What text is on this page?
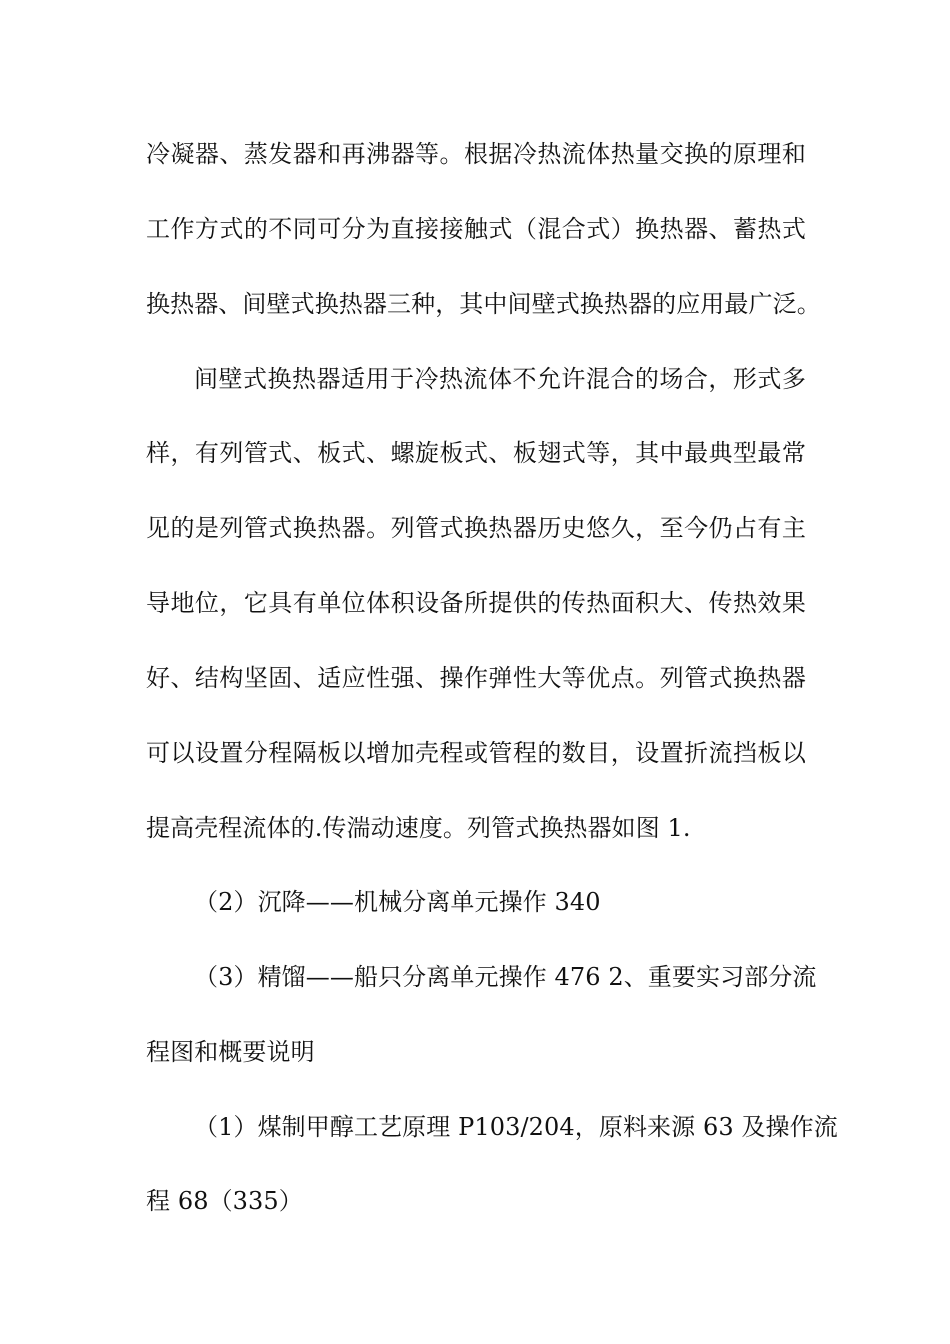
冷凝器、蒸发器和再沸器等。根据冷热流体热量交换的原理和
工作方式的不同可分为直接接触式（混合式）换热器、蓄热式
换热器、间壁式换热器三种，其中间壁式换热器的应用最广泛。
间壁式换热器适用于冷热流体不允许混合的场合，形式多
样，有列管式、板式、螺旋板式、板翅式等，其中最典型最常
见的是列管式换热器。列管式换热器历史悠久，至今仍占有主
导地位，它具有单位体积设备所提供的传热面积大、传热效果
好、结构坚固、适应性强、操作弹性大等优点。列管式换热器
可以设置分程隔板以增加壳程或管程的数目，设置折流挡板以
提高壳程流体的.传湍动速度。列管式换热器如图 1.
（2）沉降——机械分离单元操作 340
（3）精馏——船只分离单元操作 476 2、重要实习部分流
程图和概要说明
（1）煤制甲醇工艺原理 P103/204，原料来源 63 及操作流
程 68（335）
